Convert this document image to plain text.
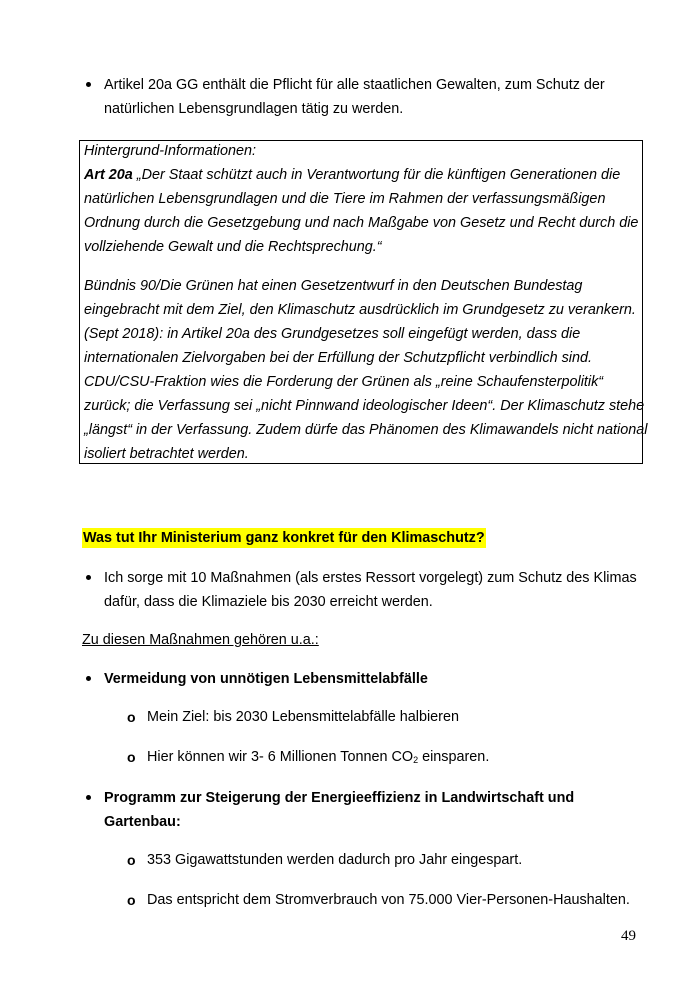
Artikel 20a GG enthält die Pflicht für alle staatlichen Gewalten, zum Schutz der
natürlichen Lebensgrundlagen tätig zu werden.
Hintergrund-Informationen:
Art 20a „Der Staat schützt auch in Verantwortung für die künftigen Generationen die
natürlichen Lebensgrundlagen und die Tiere im Rahmen der verfassungsmäßigen
Ordnung durch die Gesetzgebung und nach Maßgabe von Gesetz und Recht durch die
vollziehende Gewalt und die Rechtsprechung.“
Bündnis 90/Die Grünen hat einen Gesetzentwurf in den Deutschen Bundestag
eingebracht mit dem Ziel, den Klimaschutz ausdrücklich im Grundgesetz zu verankern.
(Sept 2018): in Artikel 20a des Grundgesetzes soll eingefügt werden, dass die
internationalen Zielvorgaben bei der Erfüllung der Schutzpflicht verbindlich sind.
CDU/CSU-Fraktion wies die Forderung der Grünen als „reine Schaufensterpolitik“
zurück; die Verfassung sei „nicht Pinnwand ideologischer Ideen“. Der Klimaschutz stehe
„längst“ in der Verfassung. Zudem dürfe das Phänomen des Klimawandels nicht national
isoliert betrachtet werden.
Was tut Ihr Ministerium ganz konkret für den Klimaschutz?
Ich sorge mit 10 Maßnahmen (als erstes Ressort vorgelegt) zum Schutz des Klimas
dafür, dass die Klimaziele bis 2030 erreicht werden.
Zu diesen Maßnahmen gehören u.a.:
Vermeidung von unnötigen Lebensmittelabfälle
o Mein Ziel: bis 2030 Lebensmittelabfälle halbieren
o Hier können wir 3- 6 Millionen Tonnen CO2 einsparen.
Programm zur Steigerung der Energieeffizienz in Landwirtschaft und
Gartenbau:
o 353 Gigawattstunden werden dadurch pro Jahr eingespart.
o Das entspricht dem Stromverbrauch von 75.000 Vier-Personen-Haushalten.
49
